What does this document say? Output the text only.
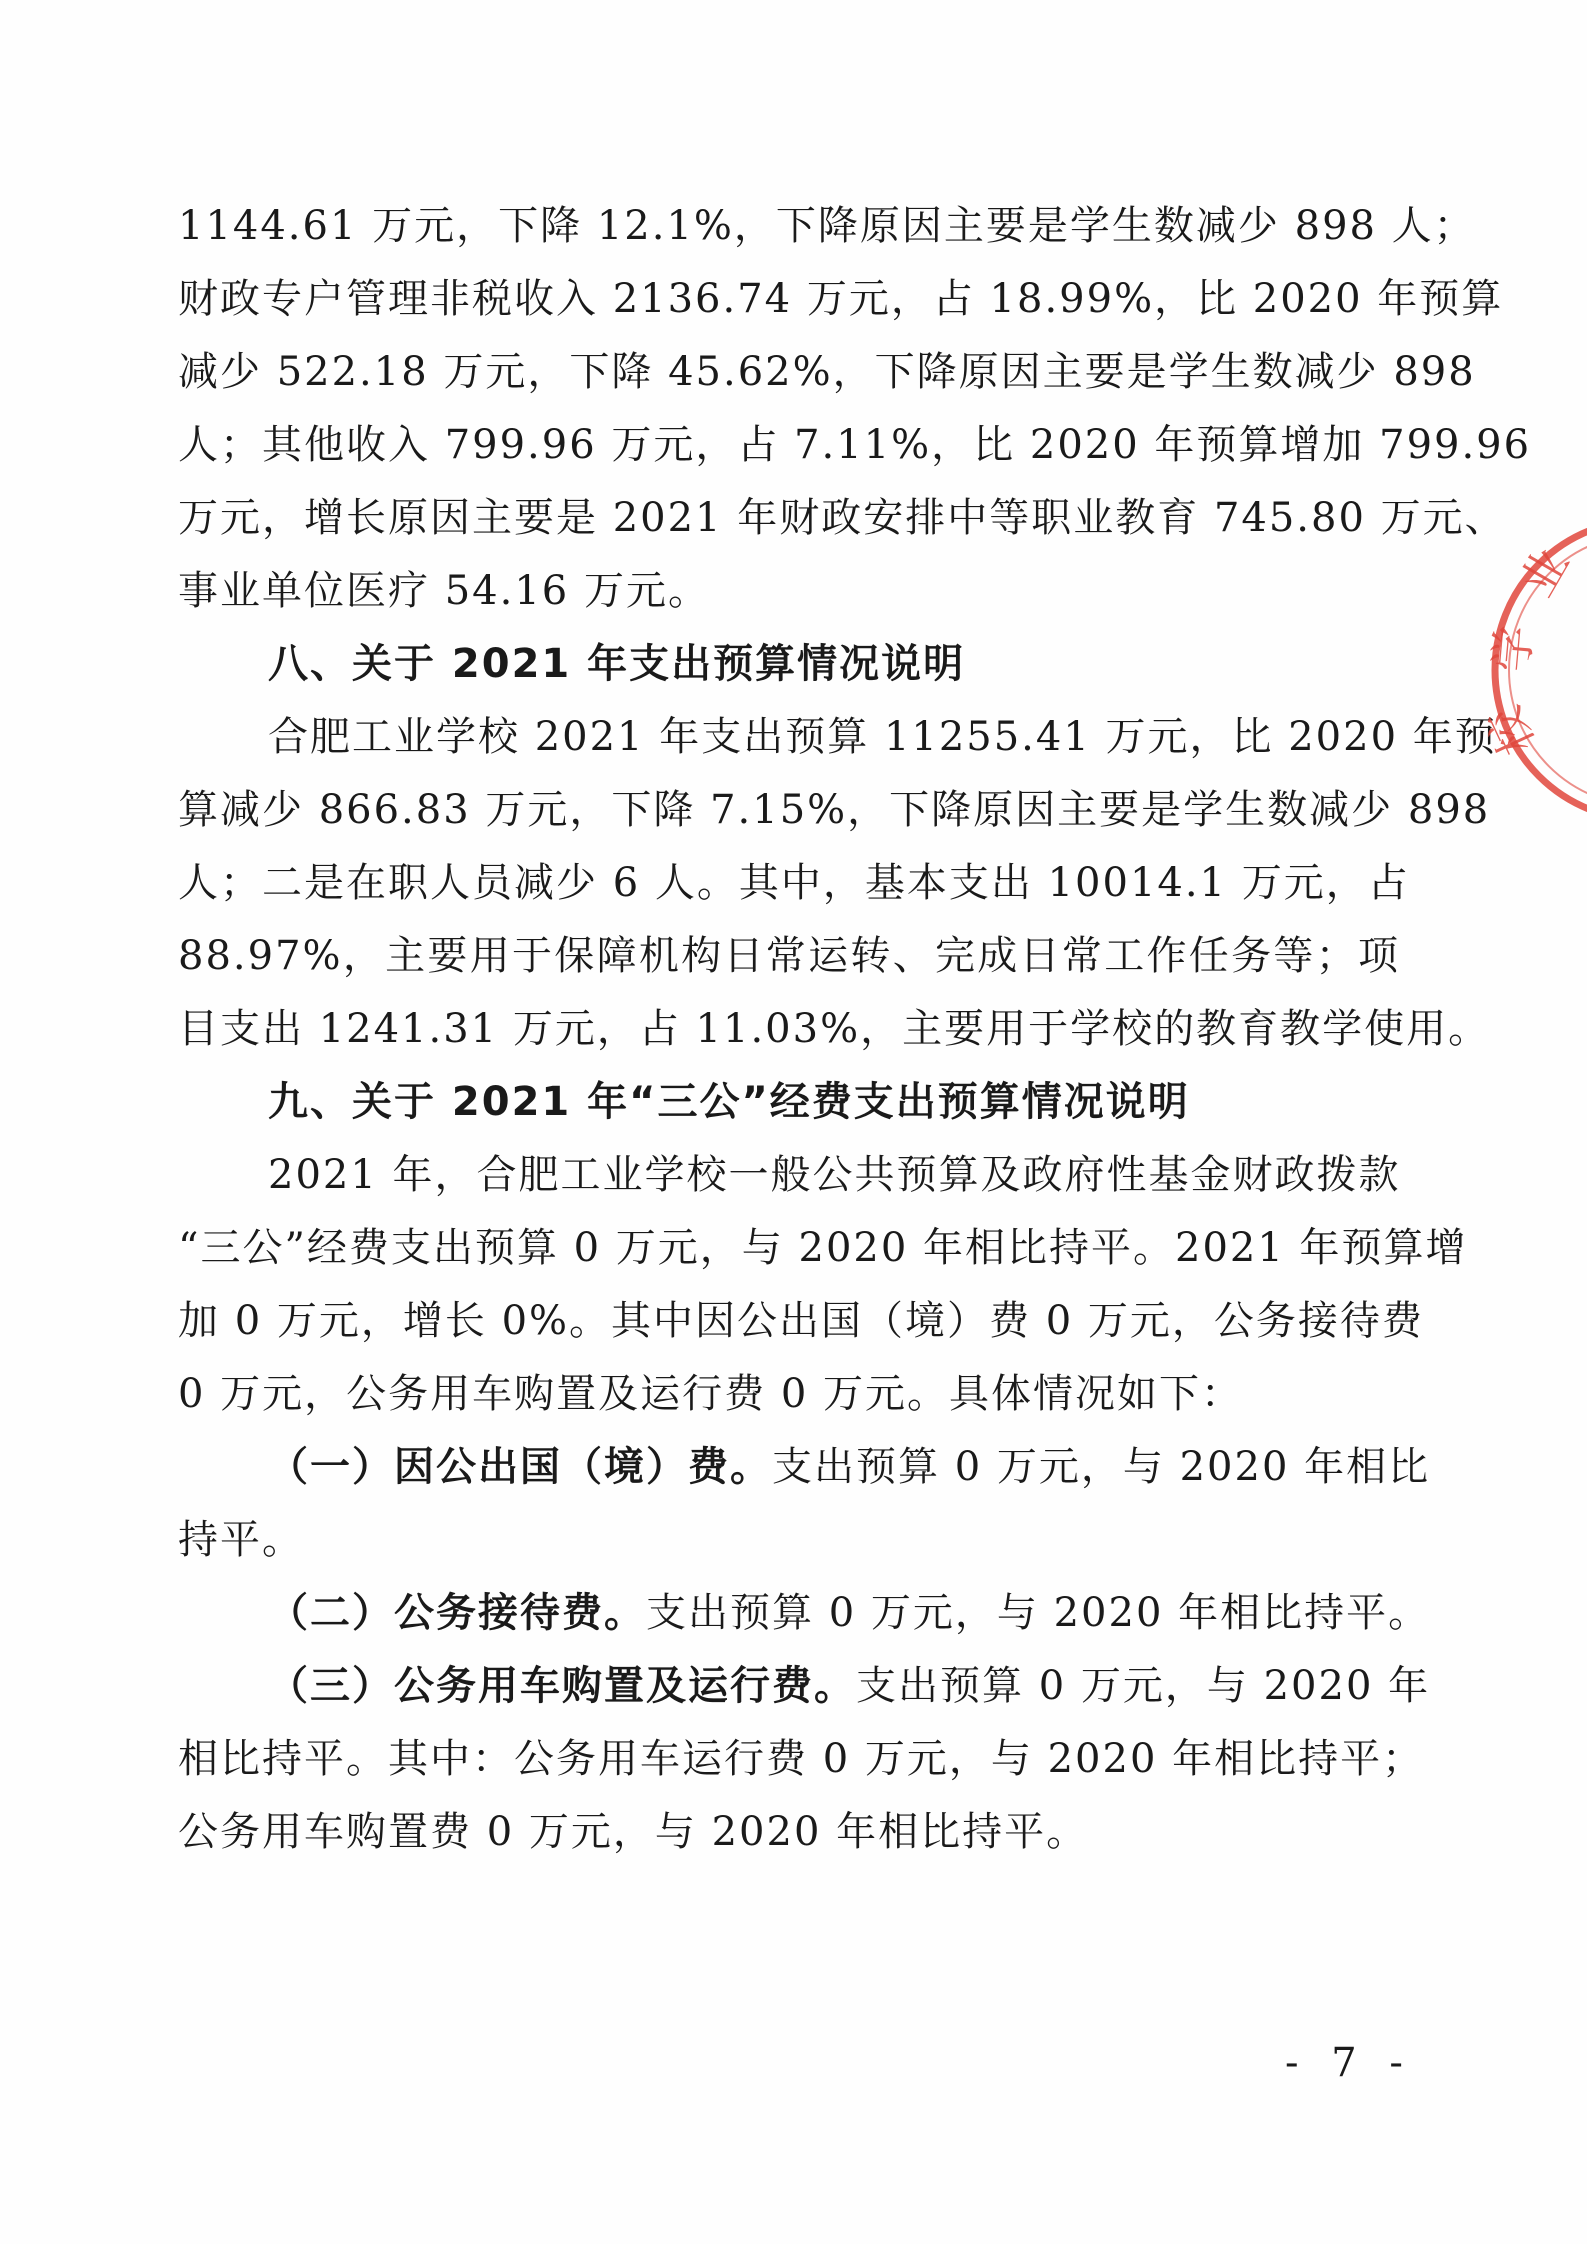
1144.61 万元，下降 12.1%，下降原因主要是学生数减少 898 人；
财政专户管理非税收入 2136.74 万元，占 18.99%，比 2020 年预算
减少 522.18 万元，下降 45.62%，下降原因主要是学生数减少 898
人；其他收入 799.96 万元，占 7.11%，比 2020 年预算增加 799.96
万元，增长原因主要是 2021 年财政安排中等职业教育 745.80 万元、
事业单位医疗 54.16 万元。
八、关于 2021 年支出预算情况说明
合肥工业学校 2021 年支出预算 11255.41 万元，比 2020 年预
算减少 866.83 万元，下降 7.15%，下降原因主要是学生数减少 898
人；二是在职人员减少 6 人。其中，基本支出 10014.1 万元，占
88.97%，主要用于保障机构日常运转、完成日常工作任务等；项
目支出 1241.31 万元，占 11.03%，主要用于学校的教育教学使用。
九、关于 2021 年“三公”经费支出预算情况说明
2021 年，合肥工业学校一般公共预算及政府性基金财政拨款
“三公”经费支出预算 0 万元，与 2020 年相比持平。2021 年预算增
加 0 万元，增长 0%。其中因公出国（境）费 0 万元，公务接待费
0 万元，公务用车购置及运行费 0 万元。具体情况如下：
（一）因公出国（境）费。支出预算 0 万元，与 2020 年相比
持平。
（二）公务接待费。支出预算 0 万元，与 2020 年相比持平。
（三）公务用车购置及运行费。支出预算 0 万元，与 2020 年
相比持平。其中：公务用车运行费 0 万元，与 2020 年相比持平；
公务用车购置费 0 万元，与 2020 年相比持平。
业
学
校
- 7 -
